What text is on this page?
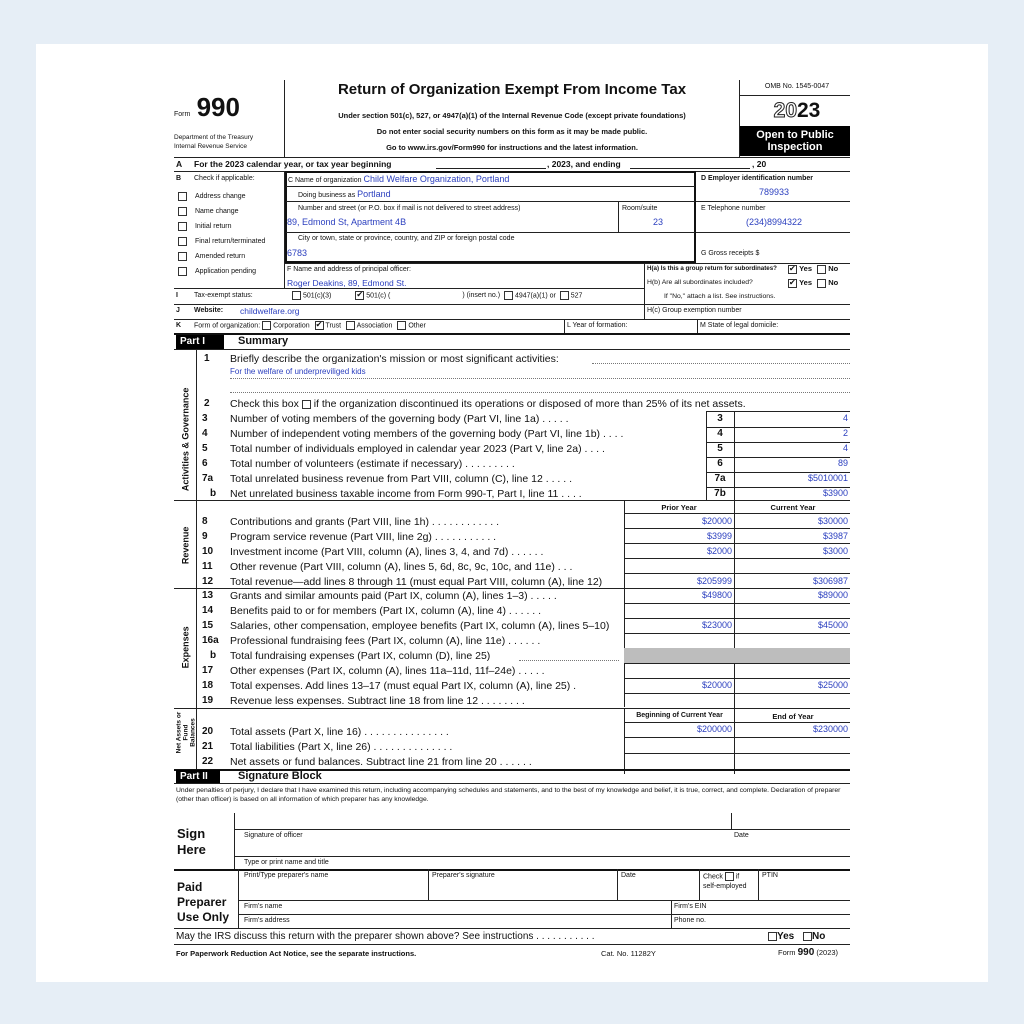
Form 990
Department of the Treasury
Internal Revenue Service
Return of Organization Exempt From Income Tax
Under section 501(c), 527, or 4947(a)(1) of the Internal Revenue Code (except private foundations)
Do not enter social security numbers on this form as it may be made public.
Go to www.irs.gov/Form990 for instructions and the latest information.
OMB No. 1545-0047
2023
Open to Public
Inspection
A For the 2023 calendar year, or tax year beginning	, 2023, and ending	, 20
B Check if applicable:
Address change
Name change
Initial return
Final return/terminated
Amended return
Application pending
C Name of organization Child Welfare Organization, Portland
Doing business as Portland
Number and street (or P.O. box if mail is not delivered to street address)
89, Edmond St, Apartment 4B
Room/suite
23
City or town, state or province, country, and ZIP or foreign postal code
6783
D Employer identification number
789933
E Telephone number
(234)8994322
G Gross receipts $
F Name and address of principal officer:
Roger Deakins, 89, Edmond St.
H(a) Is this a group return for subordinates? ✔	Yes No
H(b) Are all subordinates included? ✔	Yes No
If "No," attach a list. See instructions.
I Tax-exempt status:	501(c)(3) ✔	501(c) (	) (insert no.) 4947(a)(1) or 527
J Website: childwelfare.org	H(c) Group exemption number
K Form of organization: Corporation ✔ Trust Association Other	L Year of formation:	M State of legal domicile:
Part I	Summary
Activities & Governance
Revenue
Expenses
Net Assets or Fund Balances
1 Briefly describe the organization's mission or most significant activities:
For the welfare of underpreviliged kids
2 Check this box if the organization discontinued its operations or disposed of more than 25% of its net assets.
3	Number of voting members of the governing body (Part VI, line 1a) . . . . .	3	4
4	Number of independent voting members of the governing body (Part VI, line 1b) . . . .	4	2
5	Total number of individuals employed in calendar year 2023 (Part V, line 2a) . . . .	5	4
6	Total number of volunteers (estimate if necessary) . . . . . . . . .	6	89
7a	Total unrelated business revenue from Part VIII, column (C), line 12 . . . . .	7a	$5010001
b	Net unrelated business taxable income from Form 990-T, Part I, line 11 . . . .	7b	$3900
Prior Year	Current Year
8	Contributions and grants (Part VIII, line 1h) . . . . . . . . . . . .	$20000	$30000
9	Program service revenue (Part VIII, line 2g) . . . . . . . . . . .	$3999	$3987
10	Investment income (Part VIII, column (A), lines 3, 4, and 7d) . . . . . .	$2000	$3000
11	Other revenue (Part VIII, column (A), lines 5, 6d, 8c, 9c, 10c, and 11e) . . .
12	Total revenue—add lines 8 through 11 (must equal Part VIII, column (A), line 12)	$205999	$306987
13	Grants and similar amounts paid (Part IX, column (A), lines 1–3) . . . . .	$49800	$89000
14	Benefits paid to or for members (Part IX, column (A), line 4) . . . . . .
15	Salaries, other compensation, employee benefits (Part IX, column (A), lines 5–10)	$23000	$45000
16a	Professional fundraising fees (Part IX, column (A), line 11e) . . . . . .
b	Total fundraising expenses (Part IX, column (D), line 25)
17	Other expenses (Part IX, column (A), lines 11a–11d, 11f–24e) . . . . .
18	Total expenses. Add lines 13–17 (must equal Part IX, column (A), line 25) .	$20000	$25000
19	Revenue less expenses. Subtract line 18 from line 12 . . . . . . . .
Beginning of Current Year	End of Year
20	Total assets (Part X, line 16) . . . . . . . . . . . . . . .	$200000	$230000
21	Total liabilities (Part X, line 26) . . . . . . . . . . . . . .
22	Net assets or fund balances. Subtract line 21 from line 20 . . . . . .
Part II	Signature Block
Under penalties of perjury, I declare that I have examined this return, including accompanying schedules and statements, and to the best of my knowledge and belief, it is true, correct, and complete. Declaration of preparer (other than officer) is based on all information of which preparer has any knowledge.
Sign
Here
Signature of officer	Date
Type or print name and title
Paid
Preparer
Use Only
Print/Type preparer's name	Preparer's signature	Date	Check if
self-employed
PTIN
Firm's name	Firm's EIN
Firm's address	Phone no.
May the IRS discuss this return with the preparer shown above? See instructions . . . . . . . . . . .	Yes No
For Paperwork Reduction Act Notice, see the separate instructions.	Cat. No. 11282Y	Form 990 (2023)
